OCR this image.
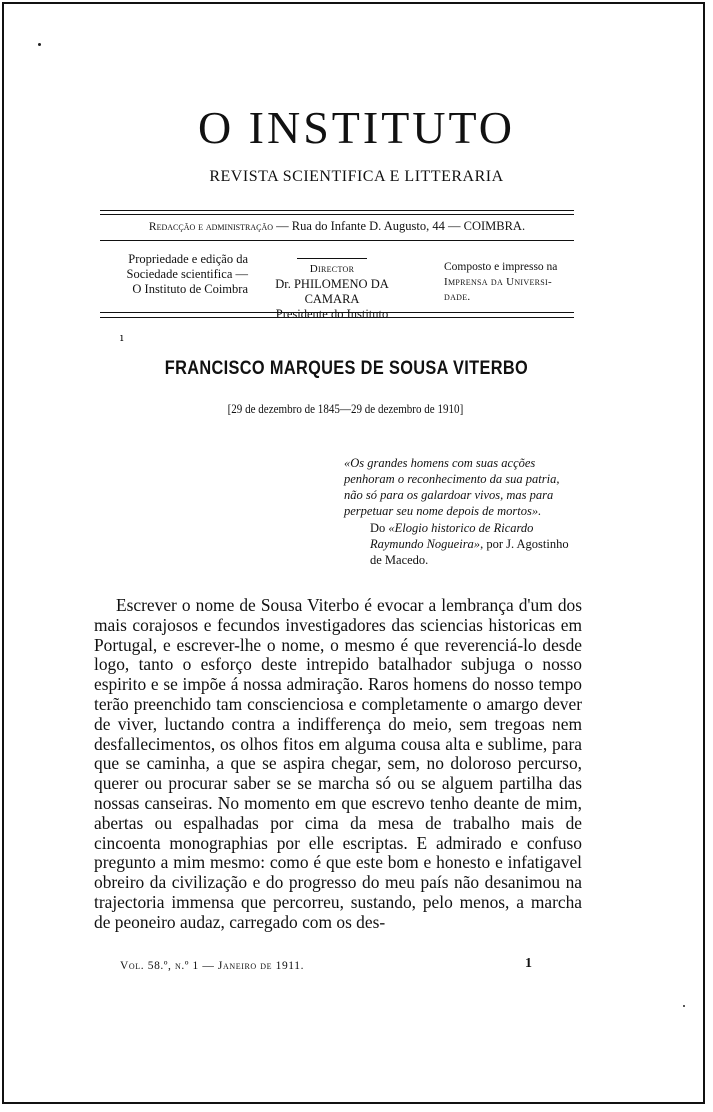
O INSTITUTO
REVISTA SCIENTIFICA E LITTERARIA
Redacção e administração — Rua do Infante D. Augusto, 44 — COIMBRA.
Propriedade e edição da
Sociedade scientifica —
O Instituto de Coimbra
Director
Dr. PHILOMENO DA CAMARA
Presidente do Instituto
Composto e impresso na
Imprensa da Universi-
dade.
ı
FRANCISCO MARQUES DE SOUSA VITERBO
[29 de dezembro de 1845—29 de dezembro de 1910]
«Os grandes homens com suas acções penhoram o reconhecimento da sua patria, não só para os galardoar vivos, mas para perpetuar seu nome depois de mortos».
Do «Elogio historico de Ricardo Raymundo Nogueira», por J. Agostinho de Macedo.

Escrever o nome de Sousa Viterbo é evocar a lembrança d'um dos mais corajosos e fecundos investigadores das sciencias historicas em Portugal, e escrever-lhe o nome, o mesmo é que reverenciá-lo desde logo, tanto o esforço deste intrepido batalhador subjuga o nosso espirito e se impõe á nossa admiração. Raros homens do nosso tempo terão preenchido tam conscienciosa e completamente o amargo dever de viver, luctando contra a indifferença do meio, sem tregoas nem desfallecimentos, os olhos fitos em alguma cousa alta e sublime, para que se caminha, a que se aspira chegar, sem, no doloroso percurso, querer ou procurar saber se se marcha só ou se alguem partilha das nossas canseiras. No momento em que escrevo tenho deante de mim, abertas ou espalhadas por cima da mesa de trabalho mais de cincoenta monographias por elle escriptas. E admirado e confuso pregunto a mim mesmo: como é que este bom e honesto e infatigavel obreiro da civilização e do progresso do meu país não desanimou na trajectoria immensa que percorreu, sustando, pelo menos, a marcha de peoneiro audaz, carregado com os des-

Vol. 58.º, n.º 1 — Janeiro de 1911.	1
